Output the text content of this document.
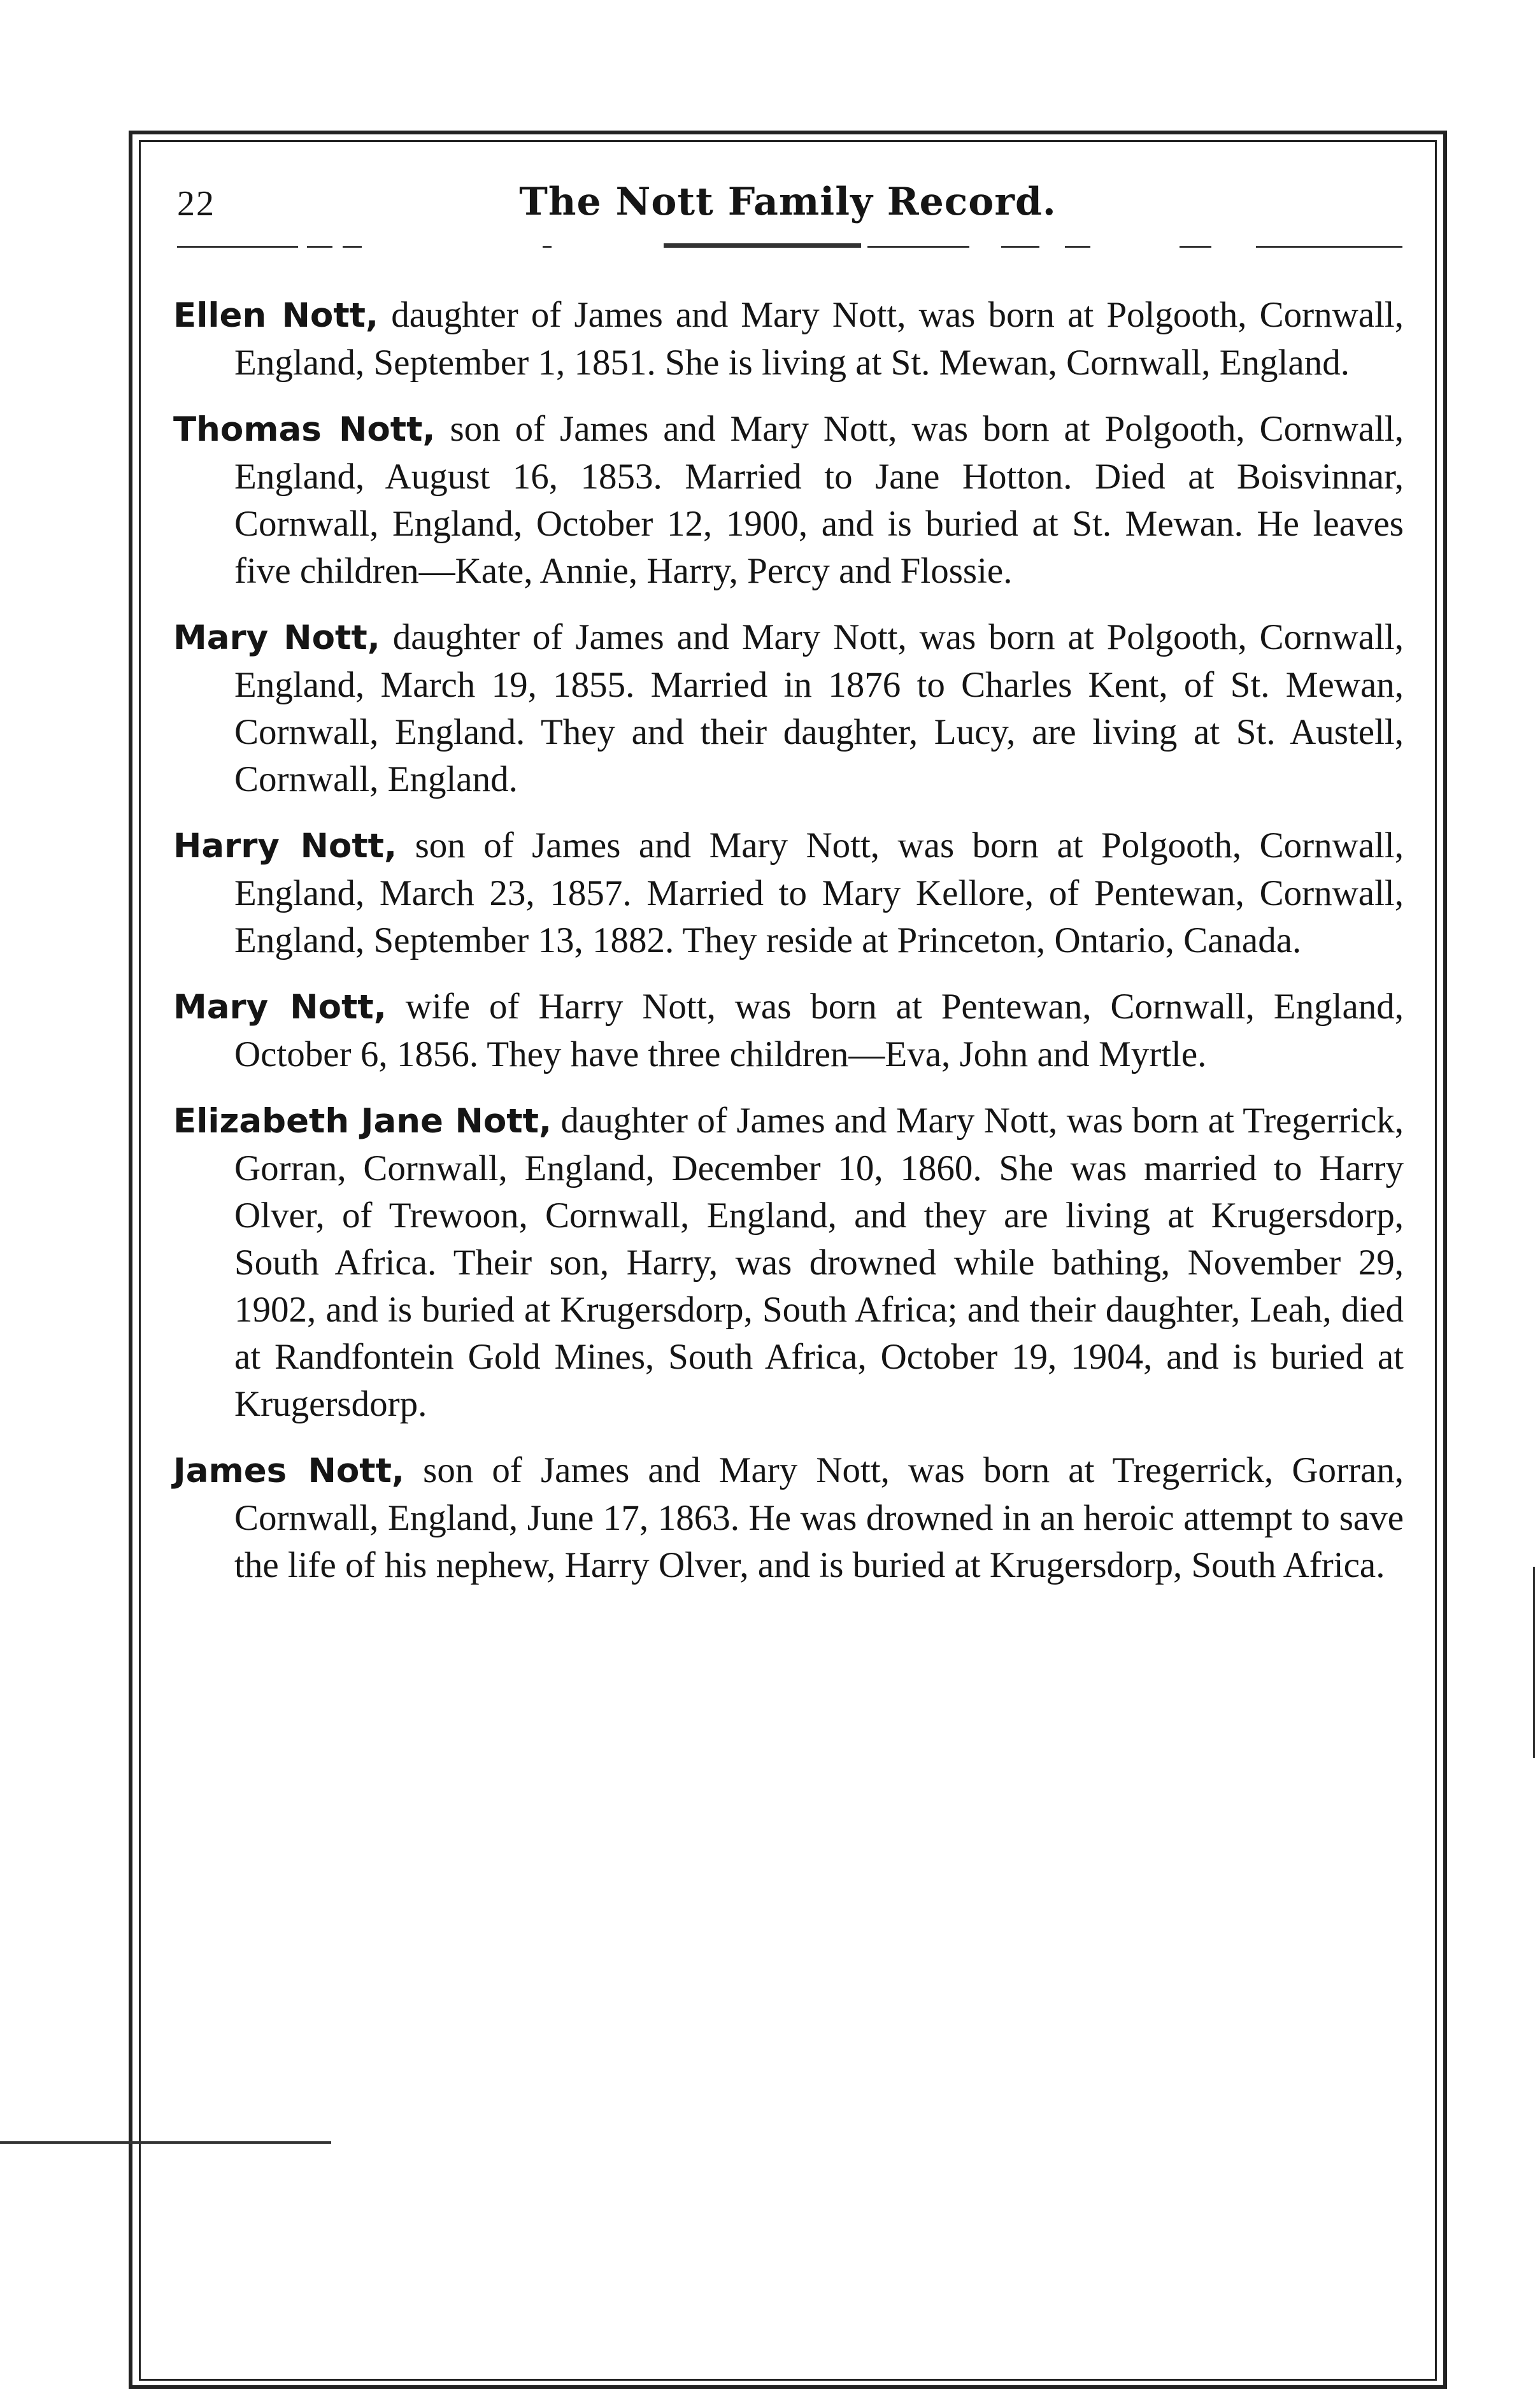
22	The Nott Family Record.

Ellen Nott, daughter of James and Mary Nott, was born at Polgooth, Cornwall, England, September 1, 1851. She is living at St. Mewan, Cornwall, England.

Thomas Nott, son of James and Mary Nott, was born at Polgooth, Cornwall, England, August 16, 1853. Married to Jane Hotton. Died at Boisvinnar, Cornwall, England, October 12, 1900, and is buried at St. Mewan. He leaves five children—Kate, Annie, Harry, Percy and Flossie.

Mary Nott, daughter of James and Mary Nott, was born at Polgooth, Cornwall, England, March 19, 1855. Married in 1876 to Charles Kent, of St. Mewan, Cornwall, England. They and their daughter, Lucy, are living at St. Austell, Cornwall, England.

Harry Nott, son of James and Mary Nott, was born at Polgooth, Cornwall, England, March 23, 1857. Married to Mary Kellore, of Pentewan, Cornwall, England, September 13, 1882. They reside at Princeton, Ontario, Canada.

Mary Nott, wife of Harry Nott, was born at Pentewan, Cornwall, England, October 6, 1856. They have three children—Eva, John and Myrtle.

Elizabeth Jane Nott, daughter of James and Mary Nott, was born at Tregerrick, Gorran, Cornwall, England, December 10, 1860. She was married to Harry Olver, of Trewoon, Cornwall, England, and they are living at Krugersdorp, South Africa. Their son, Harry, was drowned while bathing, November 29, 1902, and is buried at Krugersdorp, South Africa; and their daughter, Leah, died at Randfontein Gold Mines, South Africa, October 19, 1904, and is buried at Krugersdorp.

James Nott, son of James and Mary Nott, was born at Tregerrick, Gorran, Cornwall, England, June 17, 1863. He was drowned in an heroic attempt to save the life of his nephew, Harry Olver, and is buried at Krugersdorp, South Africa.
